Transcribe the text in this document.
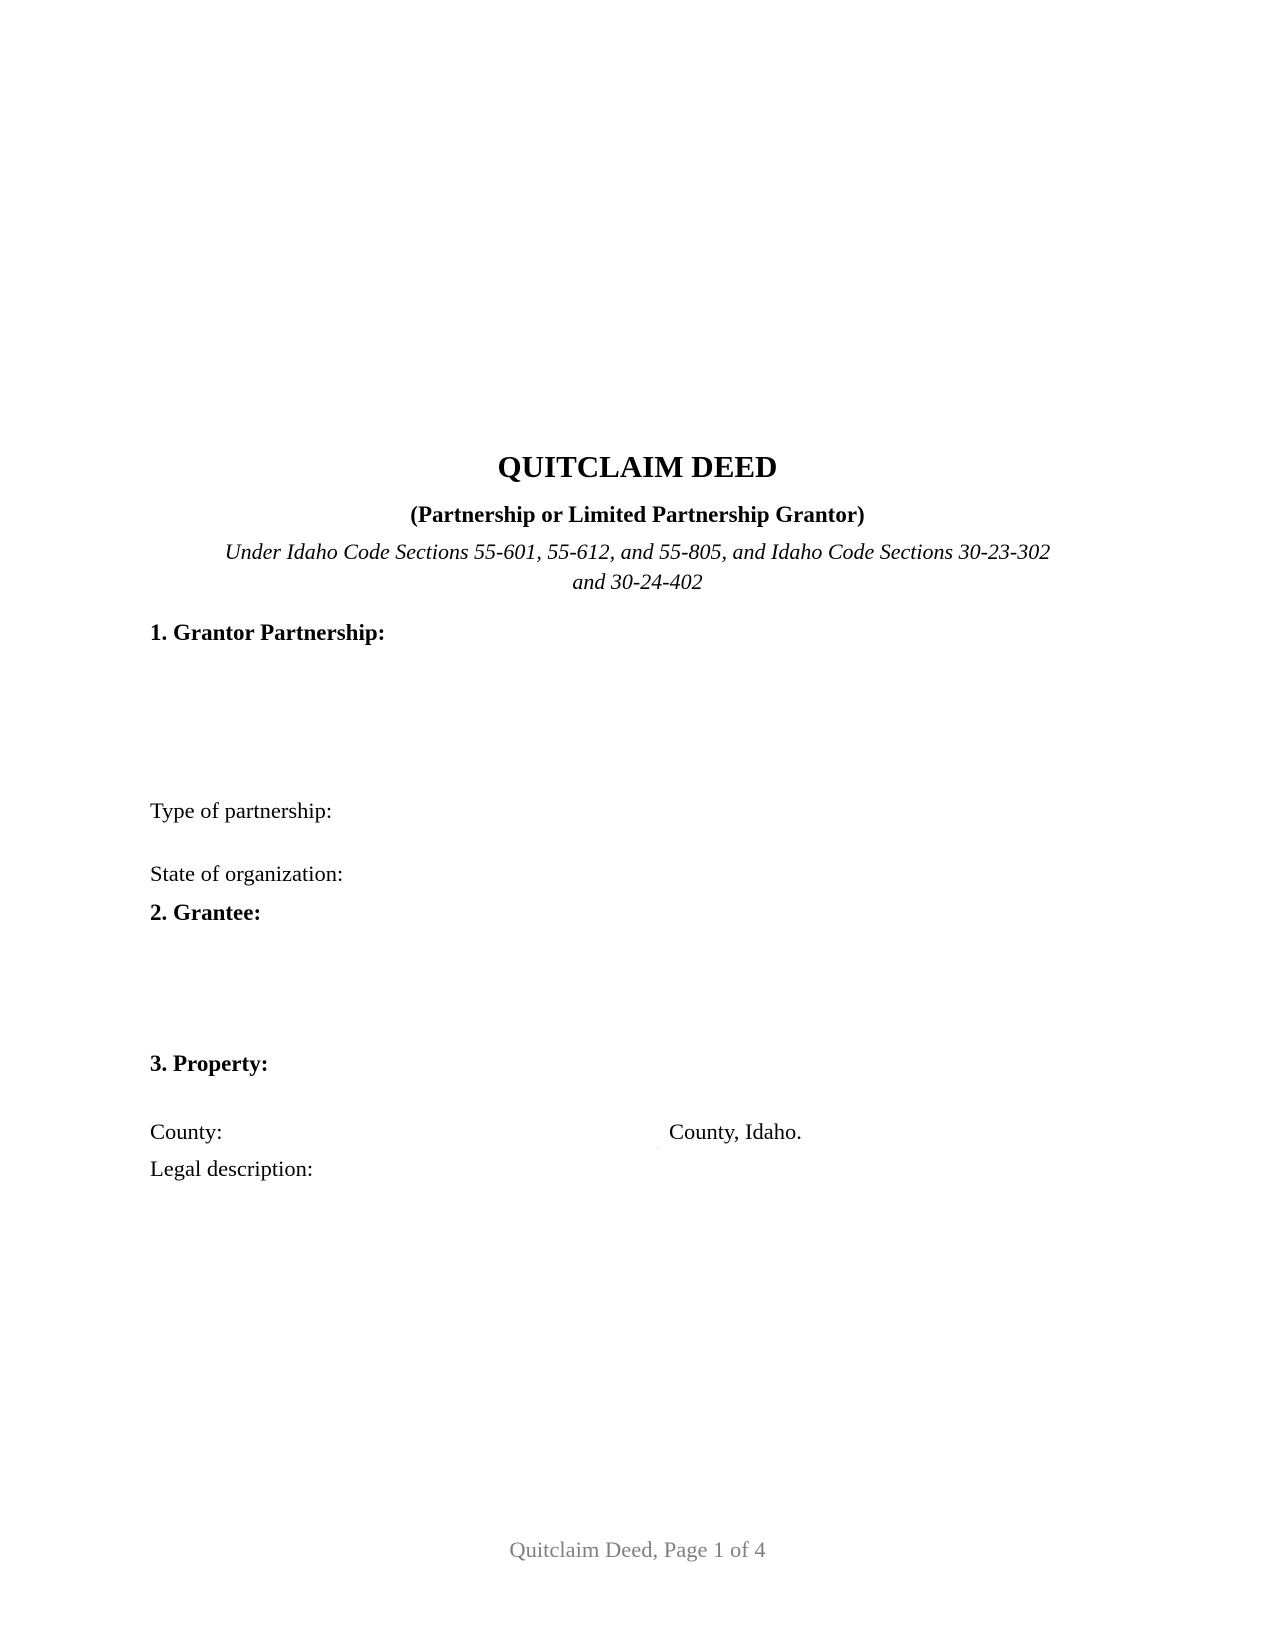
QUITCLAIM DEED
(Partnership or Limited Partnership Grantor)
Under Idaho Code Sections 55-601, 55-612, and 55-805, and Idaho Code Sections 30-23-302
and 30-24-402
1. Grantor Partnership:
Type of partnership:
State of organization:
2. Grantee:
3. Property:
County:	County, Idaho.
Legal description:
Quitclaim Deed, Page 1 of 4
